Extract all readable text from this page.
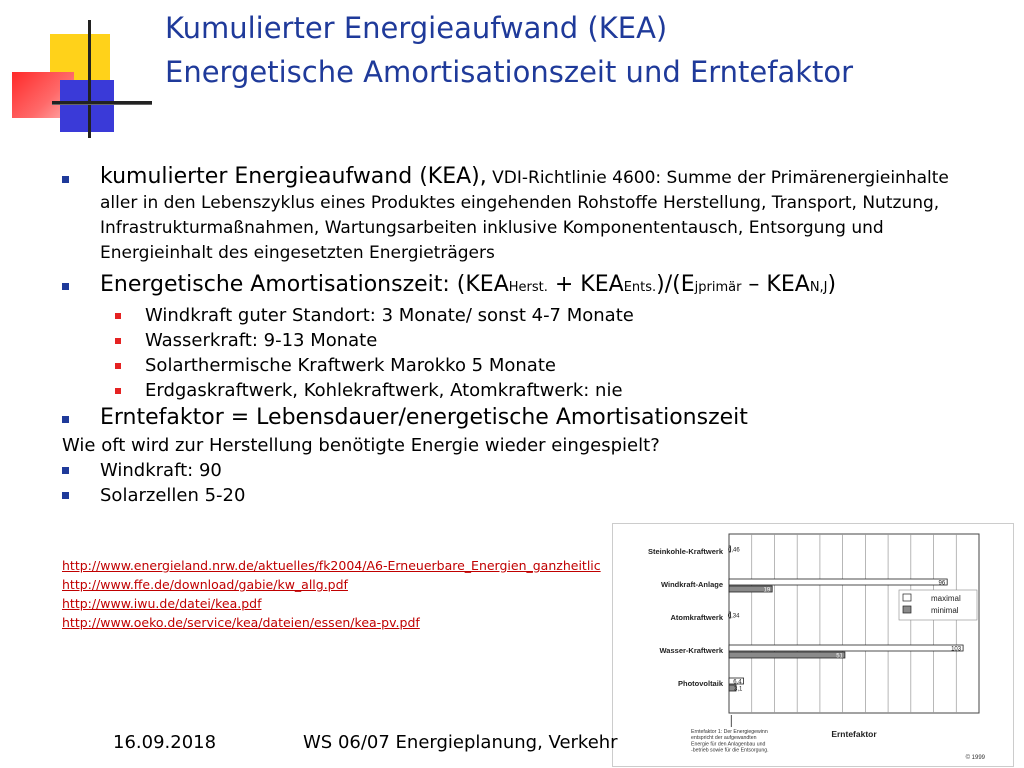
Kumulierter Energieaufwand (KEA)
Energetische Amortisationszeit und Erntefaktor
kumulierter Energieaufwand (KEA), VDI-Richtlinie 4600: Summe der Primärenergieinhalte aller in den Lebenszyklus eines Produktes eingehenden Rohstoffe Herstellung, Transport, Nutzung, Infrastrukturmaßnahmen, Wartungsarbeiten inklusive Komponententausch, Entsorgung und Energieinhalt des eingesetzten Energieträgers
Energetische Amortisationszeit: (KEAHerst. + KEAEnts.)/(Ejprimär – KEAN,J)
Windkraft guter Standort: 3 Monate/ sonst 4-7 Monate
Wasserkraft: 9-13 Monate
Solarthermische Kraftwerk Marokko 5 Monate
Erdgaskraftwerk, Kohlekraftwerk, Atomkraftwerk: nie
Erntefaktor = Lebensdauer/energetische Amortisationszeit
Wie oft wird zur Herstellung benötigte Energie wieder eingespielt?
Windkraft: 90
Solarzellen 5-20
http://www.energieland.nrw.de/aktuelles/fk2004/A6-Erneuerbare_Energien_ganzheitlic
http://www.ffe.de/download/gabie/kw_allg.pdf
http://www.iwu.de/datei/kea.pdf
http://www.oeko.de/service/kea/dateien/essen/kea-pv.pdf
Steinkohle-Kraftwerk 0,46
Windkraft-Anlage	96
19
Atomkraftwerk 0,34
Wasser-Kraftwerk	103
51
Photovoltaik 6,4
3,1
maximal
minimal
Erntefaktor
Erntefaktor 1: Der Energiegewinn entspricht der aufgewandten Energie für den Anlagenbau und -betrieb sowie für die Entsorgung.
© 1999
16.09.2018	WS 06/07 Energieplanung, Verkehr
